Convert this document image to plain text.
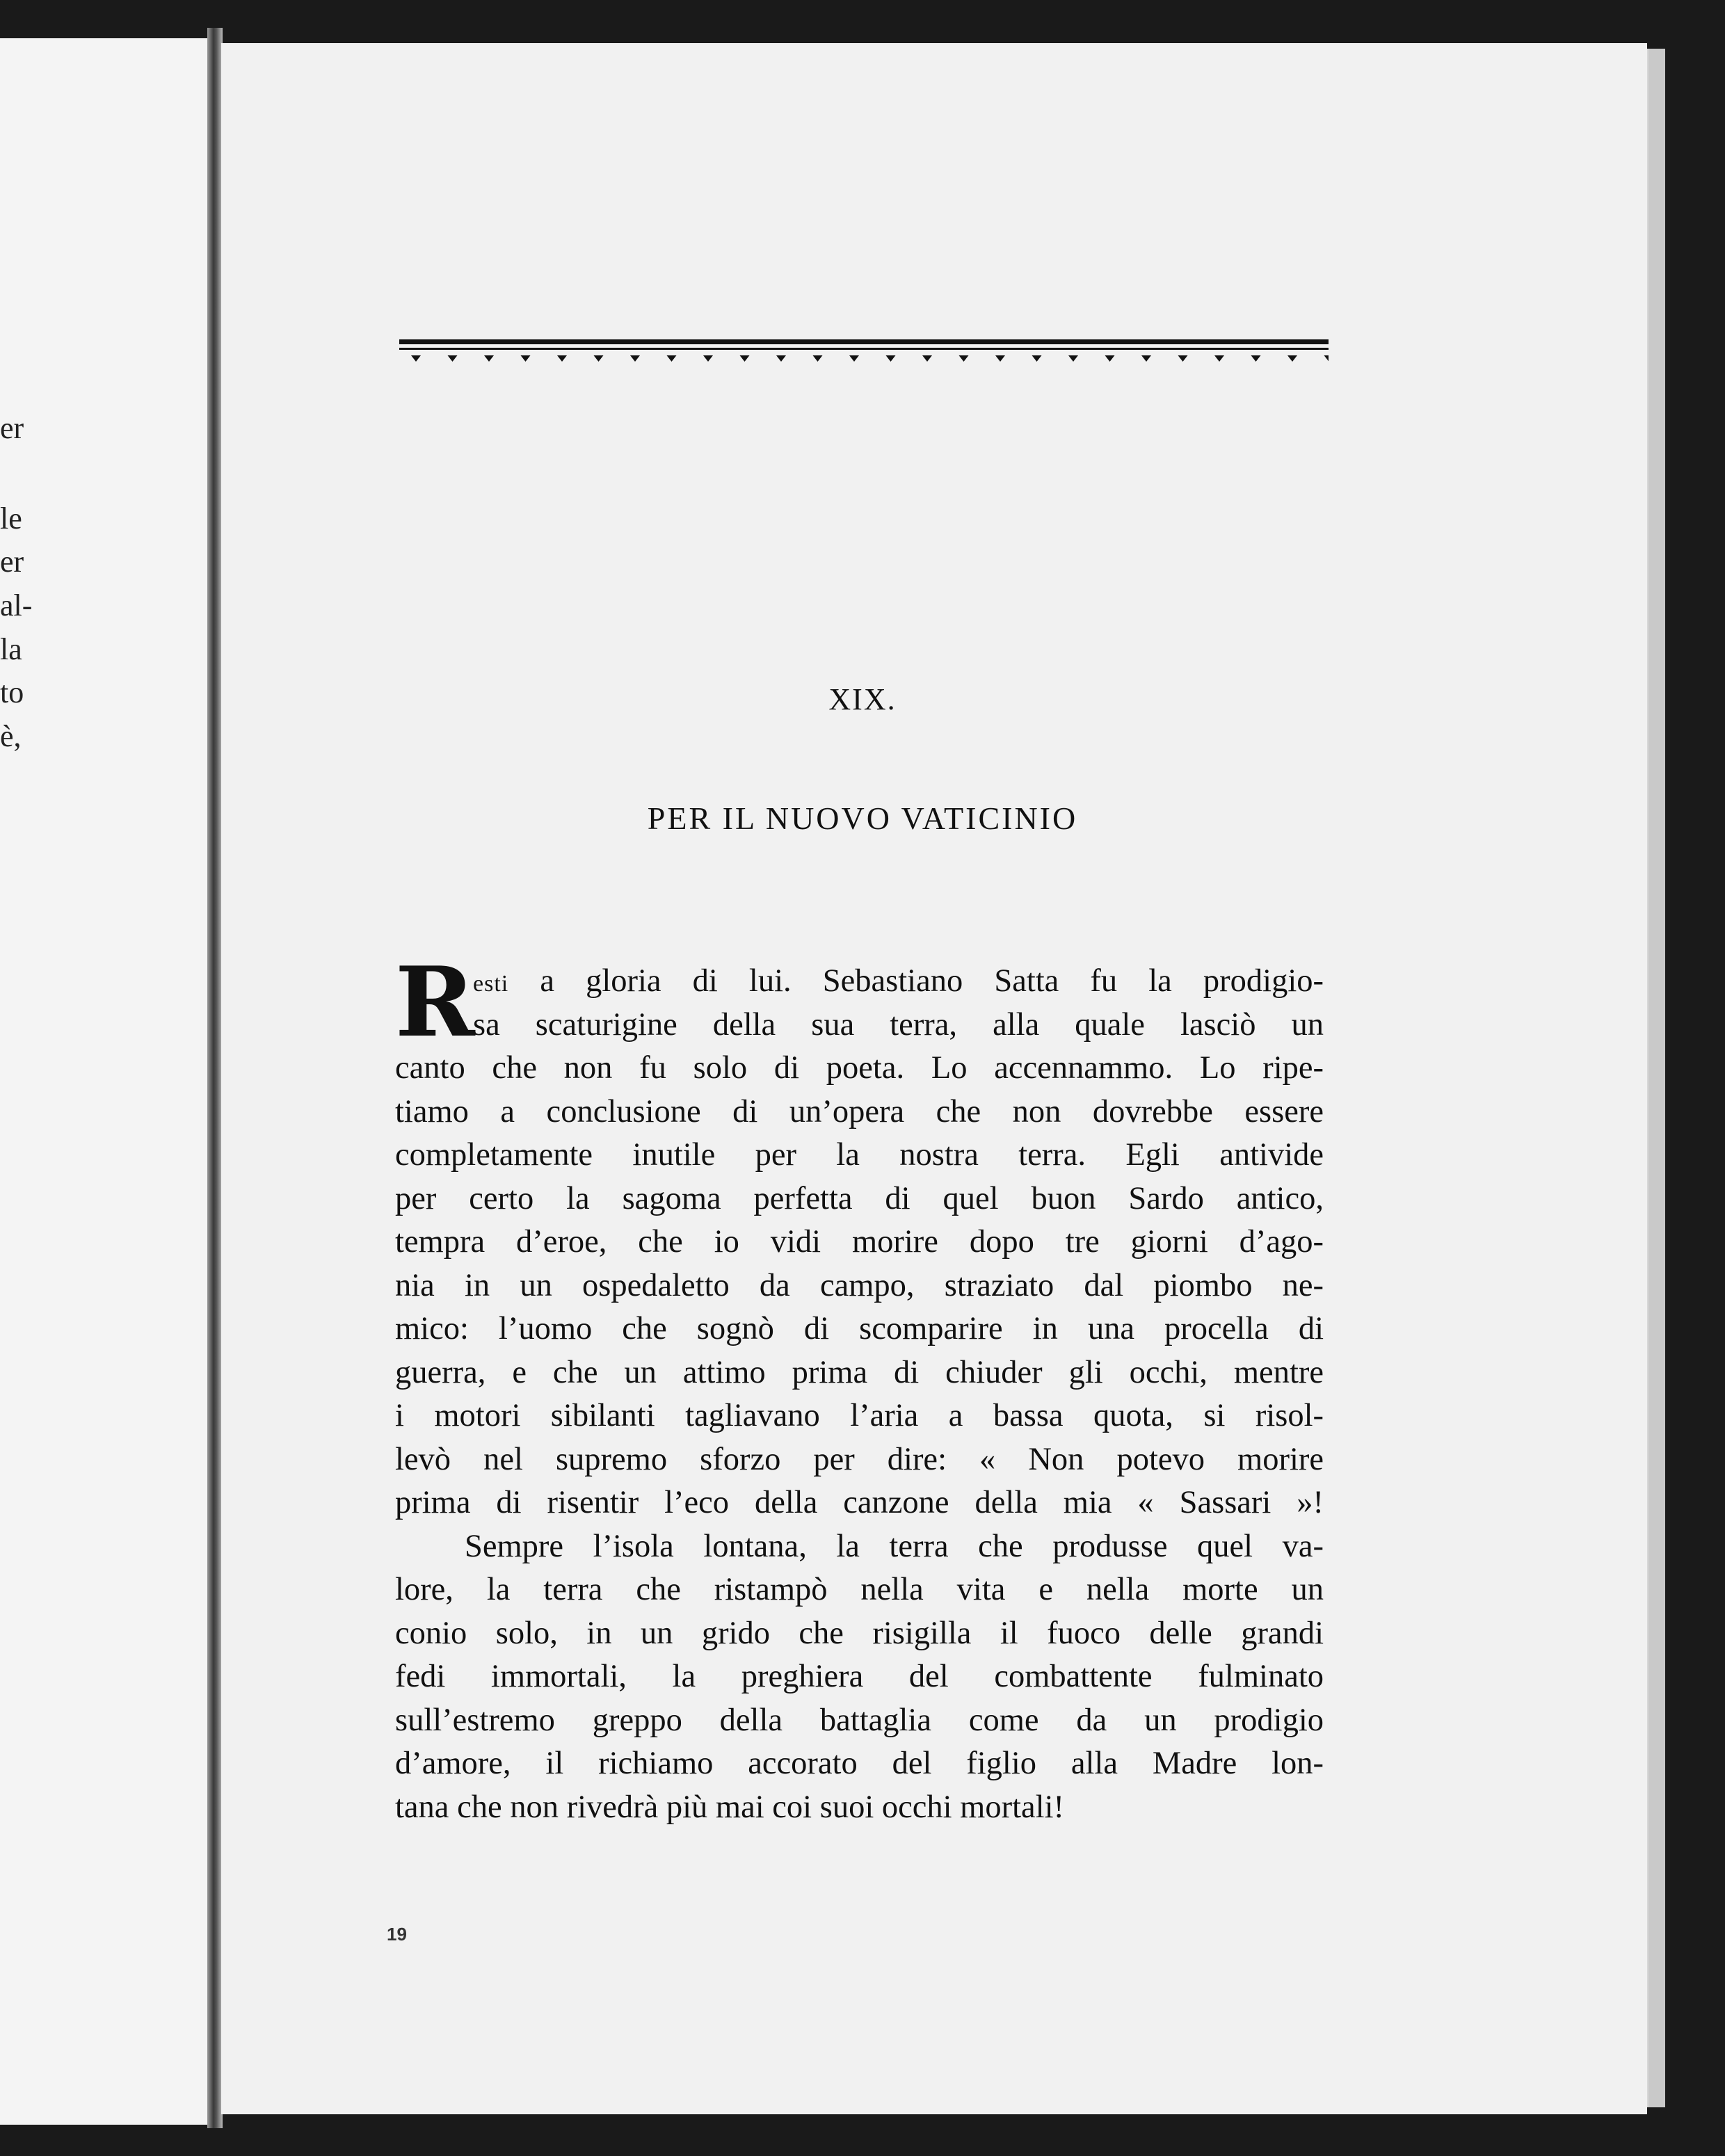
er
le
er
al-
la
to
è,
XIX.
PER IL NUOVO VATICINIO
R
esti a gloria di lui. Sebastiano Satta fu la prodigio-
sa scaturigine della sua terra, alla quale lasciò un
canto che non fu solo di poeta. Lo accennammo. Lo ripe-
tiamo a conclusione di un’opera che non dovrebbe essere
completamente inutile per la nostra terra. Egli antivide
per certo la sagoma perfetta di quel buon Sardo antico,
tempra d’eroe, che io vidi morire dopo tre giorni d’ago-
nia in un ospedaletto da campo, straziato dal piombo ne-
mico: l’uomo che sognò di scomparire in una procella di
guerra, e che un attimo prima di chiuder gli occhi, mentre
i motori sibilanti tagliavano l’aria a bassa quota, si risol-
levò nel supremo sforzo per dire: « Non potevo morire
prima di risentir l’eco della canzone della mia « Sassari »!
Sempre l’isola lontana, la terra che produsse quel va-
lore, la terra che ristampò nella vita e nella morte un
conio solo, in un grido che risigilla il fuoco delle grandi
fedi immortali, la preghiera del combattente fulminato
sull’estremo greppo della battaglia come da un prodigio
d’amore, il richiamo accorato del figlio alla Madre lon-
tana che non rivedrà più mai coi suoi occhi mortali!
19
